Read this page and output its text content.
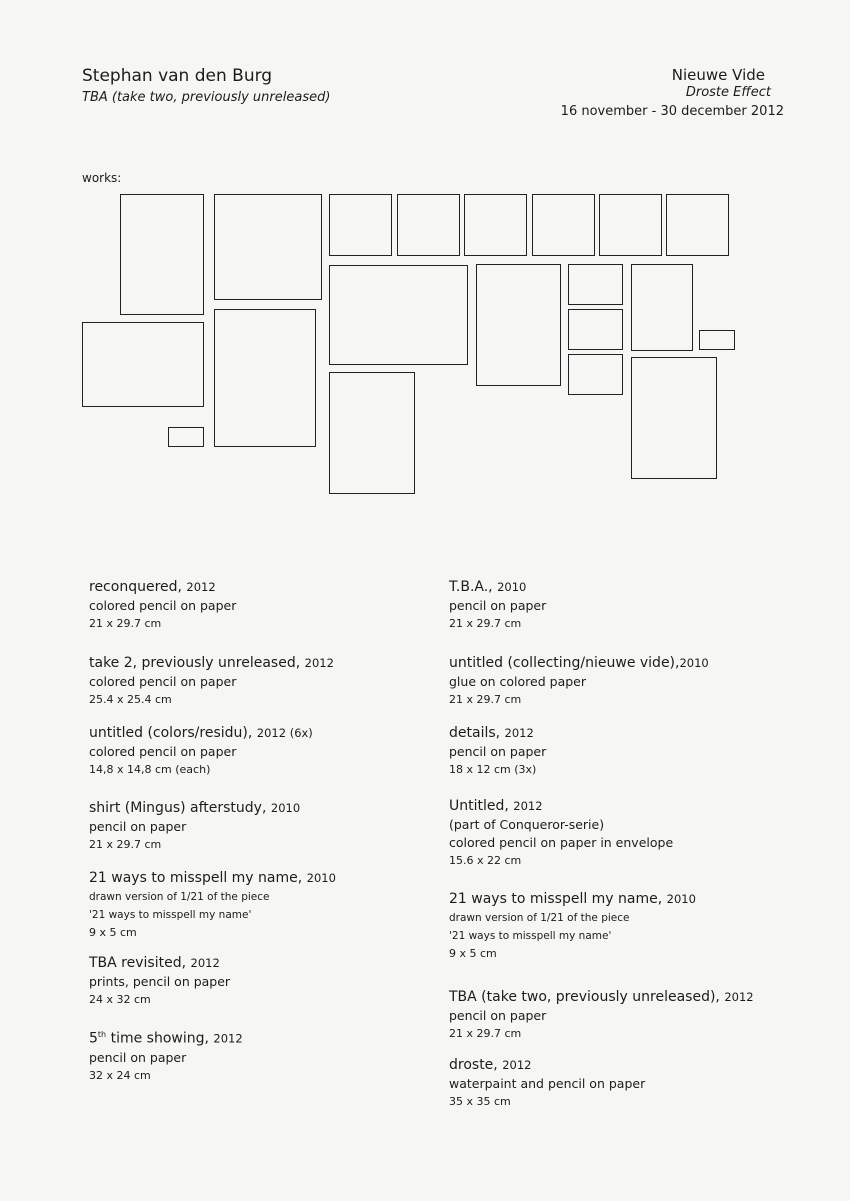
Stephan van den Burg
TBA (take two, previously unreleased)
Nieuwe Vide
Droste Effect
16 november - 30 december 2012
works:
reconquered, 2012
colored pencil on paper
21 x 29.7 cm
take 2, previously unreleased, 2012
colored pencil on paper
25.4 x 25.4 cm
untitled (colors/residu), 2012 (6x)
colored pencil on paper
14,8 x 14,8 cm (each)
shirt (Mingus) afterstudy, 2010
pencil on paper
21 x 29.7 cm
21 ways to misspell my name, 2010
drawn version of 1/21 of the piece
'21 ways to misspell my name'
9 x 5 cm
TBA revisited, 2012
prints, pencil on paper
24 x 32 cm
5th time showing, 2012
pencil on paper
32 x 24 cm
T.B.A., 2010
pencil on paper
21 x 29.7 cm
untitled (collecting/nieuwe vide),2010
glue on colored paper
21 x 29.7 cm
details, 2012
pencil on paper
18 x 12 cm (3x)
Untitled, 2012
(part of Conqueror-serie)
colored pencil on paper in envelope
15.6 x 22 cm
21 ways to misspell my name, 2010
drawn version of 1/21 of the piece
'21 ways to misspell my name'
9 x 5 cm
TBA (take two, previously unreleased), 2012
pencil on paper
21 x 29.7 cm
droste, 2012
waterpaint and pencil on paper
35 x 35 cm
